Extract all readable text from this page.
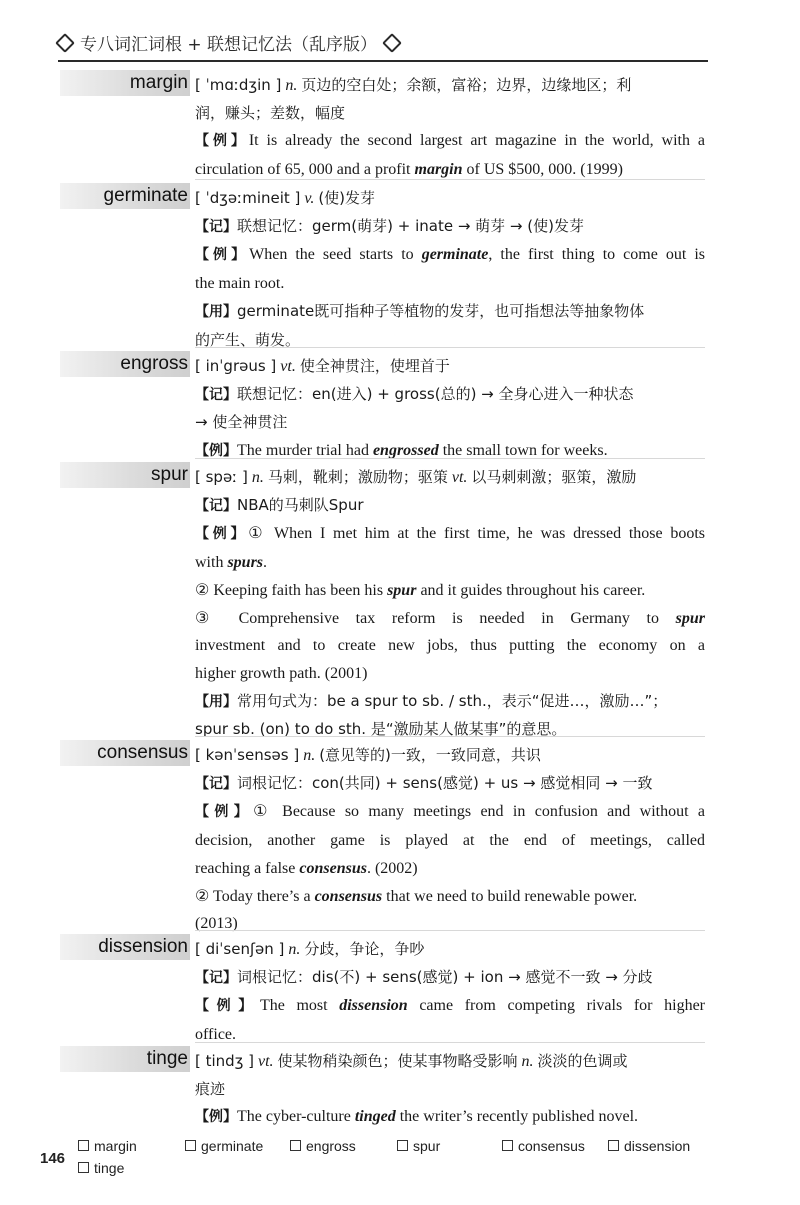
专八词汇词根 + 联想记忆法（乱序版）
margin [ ˈmɑːdʒin ] n. 页边的空白处；余额，富裕；边界，边缘地区；利
润，赚头；差数，幅度
【例】It is already the second largest art magazine in the world, with a
circulation of 65, 000 and a profit margin of US $500, 000. (1999)
germinate [ ˈdʒəːmineit ] v. (使)发芽
【记】联想记忆：germ(萌芽) + inate → 萌芽 → (使)发芽
【例】When the seed starts to germinate, the first thing to come out is
the main root.
【用】germinate既可指种子等植物的发芽，也可指想法等抽象物体
的产生、萌发。
engross [ inˈgrəus ] vt. 使全神贯注，使埋首于
【记】联想记忆：en(进入) + gross(总的) → 全身心进入一种状态
→ 使全神贯注
【例】The murder trial had engrossed the small town for weeks.
spur [ spəː ] n. 马刺，靴刺；激励物；驱策 vt. 以马刺刺激；驱策，激励
【记】NBA的马刺队Spur
【例】① When I met him at the first time, he was dressed those boots
with spurs.
② Keeping faith has been his spur and it guides throughout his career.
③ Comprehensive tax reform is needed in Germany to spur
investment and to create new jobs, thus putting the economy on a
higher growth path. (2001)
【用】常用句式为：be a spur to sb. / sth.，表示“促进…，激励…”；
spur sb. (on) to do sth. 是“激励某人做某事”的意思。
consensus [ kənˈsensəs ] n. (意见等的)一致，一致同意，共识
【记】词根记忆：con(共同) + sens(感觉) + us → 感觉相同 → 一致
【例】① Because so many meetings end in confusion and without a
decision, another game is played at the end of meetings, called
reaching a false consensus. (2002)
② Today there’s a consensus that we need to build renewable power.
(2013)
dissension [ diˈsenʃən ] n. 分歧，争论，争吵
【记】词根记忆：dis(不) + sens(感觉) + ion → 感觉不一致 → 分歧
【例】The most dissension came from competing rivals for higher
office.
tinge [ tindʒ ] vt. 使某物稍染颜色；使某事物略受影响 n. 淡淡的色调或
痕迹
【例】The cyber-culture tinged the writer’s recently published novel.
146
margin	germinate	engross	spur	consensus	dissension
tinge
